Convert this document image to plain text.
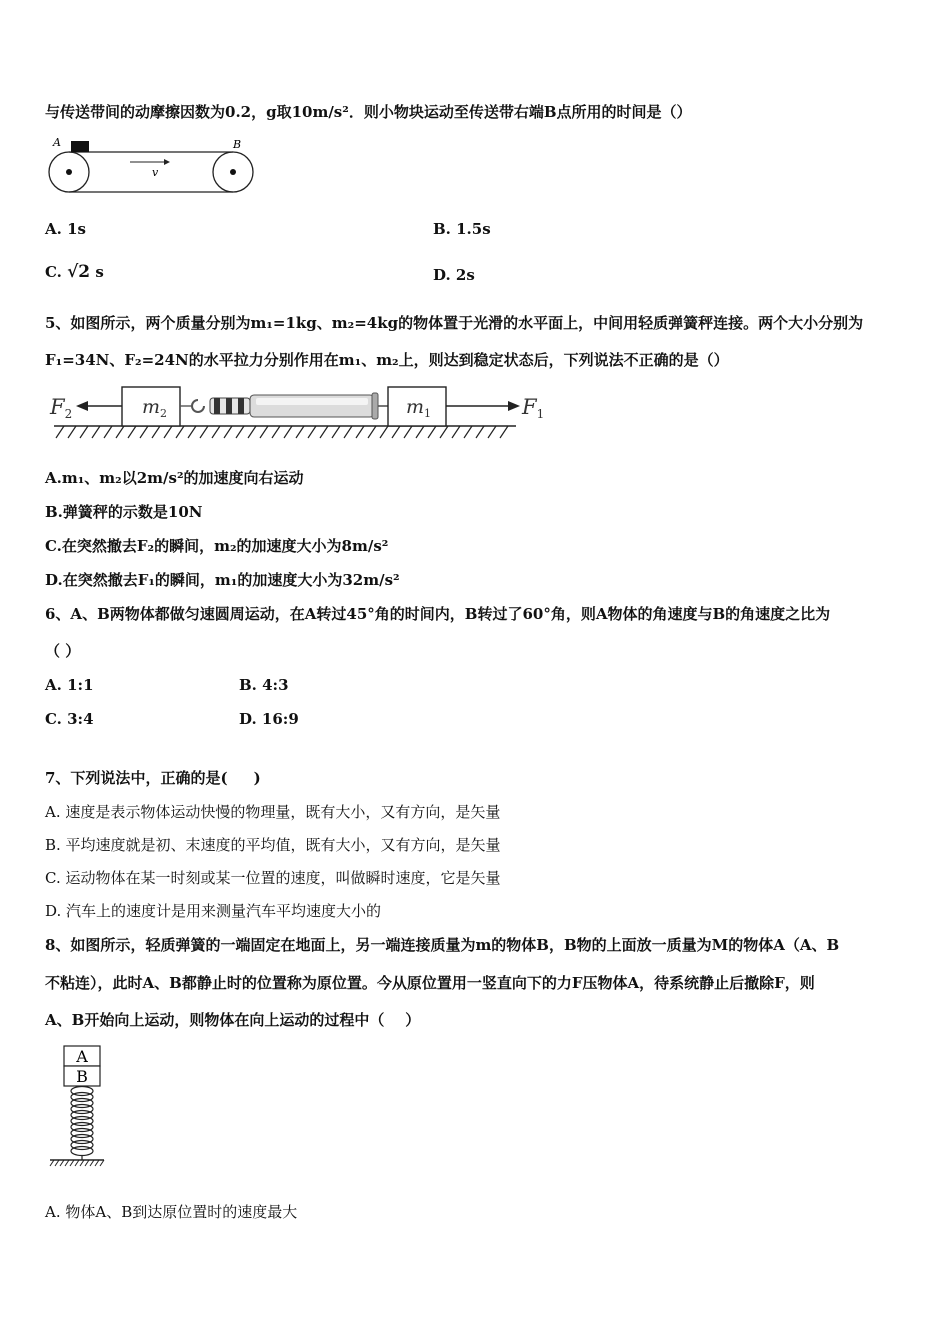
与传送带间的动摩擦因数为0.2，g取10m/s²．则小物块运动至传送带右端B点所用的时间是（）
A	B
v
A. 1s	B. 1.5s
C. √2 s	D. 2s
5、如图所示，两个质量分别为m₁=1kg、m₂=4kg的物体置于光滑的水平面上，中间用轻质弹簧秤连接。两个大小分别为
F₁=34N、F₂=24N的水平拉力分别作用在m₁、m₂上，则达到稳定状态后，下列说法不正确的是（）
F2	$m_2$	$m_1$	F1
A.m₁、m₂以2m/s²的加速度向右运动
B.弹簧秤的示数是10N
C.在突然撤去F₂的瞬间，m₂的加速度大小为8m/s²
D.在突然撤去F₁的瞬间，m₁的加速度大小为32m/s²
6、A、B两物体都做匀速圆周运动，在A转过45°角的时间内，B转过了60°角，则A物体的角速度与B的角速度之比为
（ ）
A. 1:1	B. 4:3
C. 3:4	D. 16:9
7、下列说法中，正确的是(     )
A. 速度是表示物体运动快慢的物理量，既有大小，又有方向，是矢量
B. 平均速度就是初、末速度的平均值，既有大小，又有方向，是矢量
C. 运动物体在某一时刻或某一位置的速度，叫做瞬时速度，它是矢量
D. 汽车上的速度计是用来测量汽车平均速度大小的
8、如图所示，轻质弹簧的一端固定在地面上，另一端连接质量为m的物体B，B物的上面放一质量为M的物体A（A、B
不粘连），此时A、B都静止时的位置称为原位置。今从原位置用一竖直向下的力F压物体A，待系统静止后撤除F，则
A、B开始向上运动，则物体在向上运动的过程中（    ）
A
B
A. 物体A、B到达原位置时的速度最大
